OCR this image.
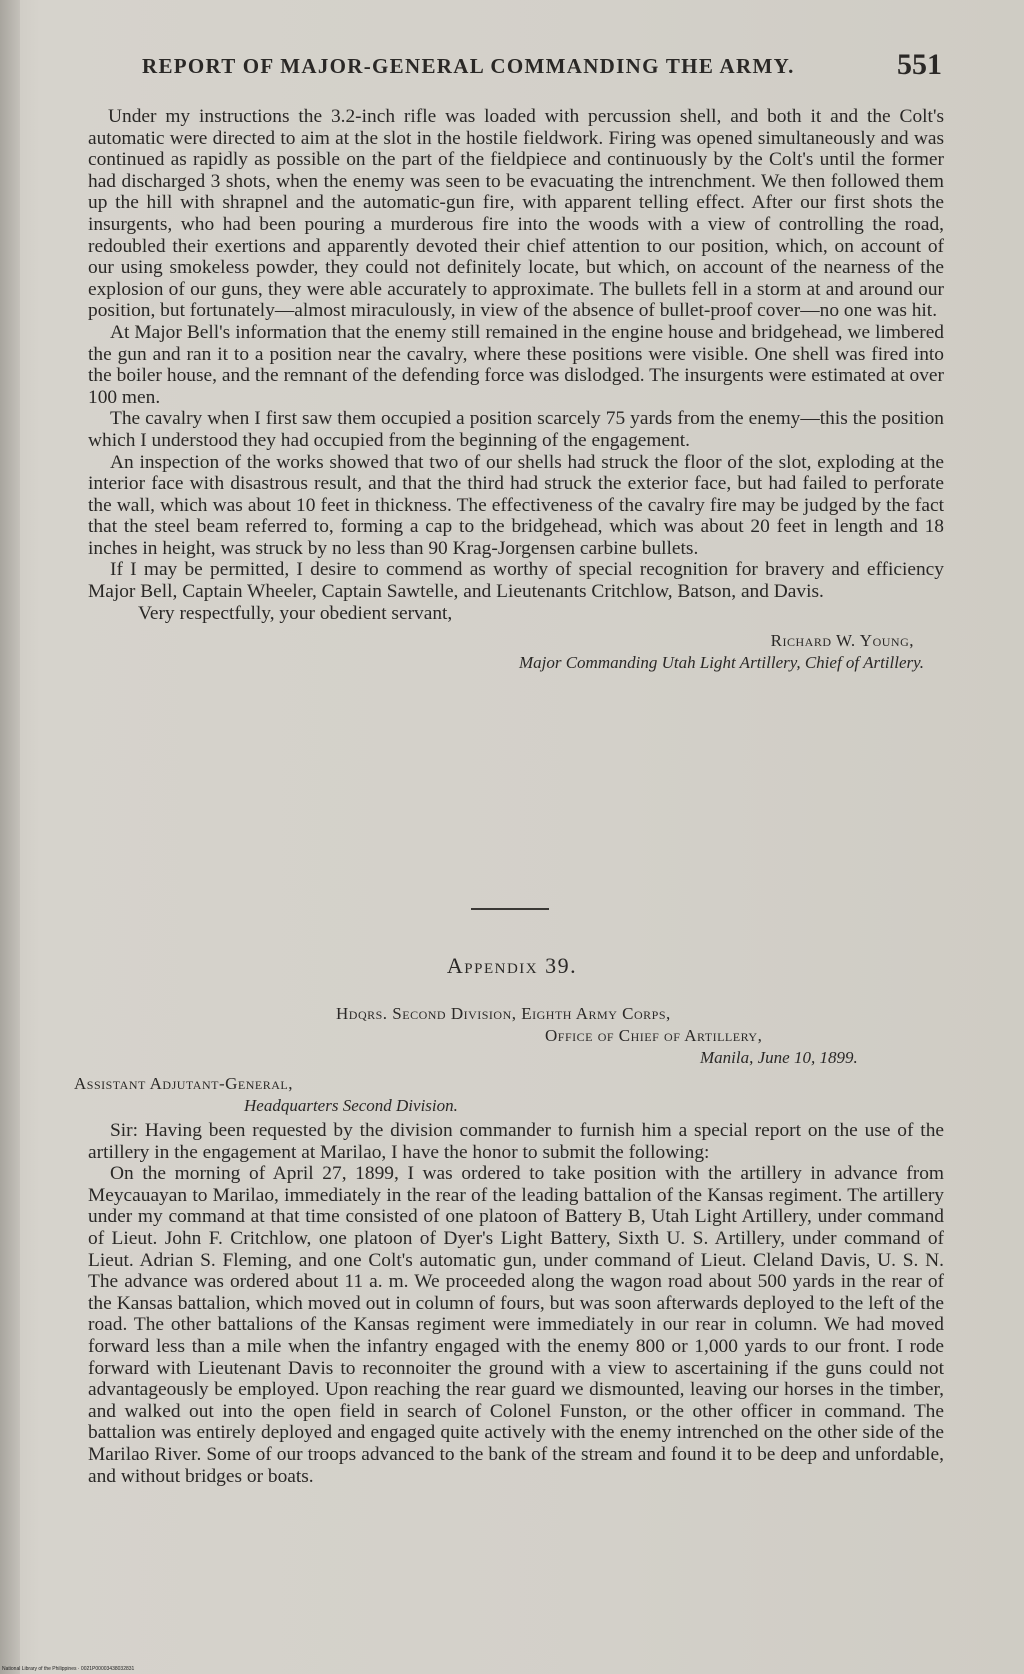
REPORT OF MAJOR-GENERAL COMMANDING THE ARMY.	551

Under my instructions the 3.2-inch rifle was loaded with percussion shell, and both it and the Colt's automatic were directed to aim at the slot in the hostile fieldwork. Firing was opened simultaneously and was continued as rapidly as possible on the part of the fieldpiece and continuously by the Colt's until the former had discharged 3 shots, when the enemy was seen to be evacuating the intrenchment. We then followed them up the hill with shrapnel and the automatic-gun fire, with apparent telling effect. After our first shots the insurgents, who had been pouring a murderous fire into the woods with a view of controlling the road, redoubled their exertions and apparently devoted their chief attention to our position, which, on account of our using smokeless powder, they could not definitely locate, but which, on account of the nearness of the explosion of our guns, they were able accurately to approximate. The bullets fell in a storm at and around our position, but fortunately—almost miraculously, in view of the absence of bullet-proof cover—no one was hit.

At Major Bell's information that the enemy still remained in the engine house and bridgehead, we limbered the gun and ran it to a position near the cavalry, where these positions were visible. One shell was fired into the boiler house, and the remnant of the defending force was dislodged. The insurgents were estimated at over 100 men.

The cavalry when I first saw them occupied a position scarcely 75 yards from the enemy—this the position which I understood they had occupied from the beginning of the engagement.

An inspection of the works showed that two of our shells had struck the floor of the slot, exploding at the interior face with disastrous result, and that the third had struck the exterior face, but had failed to perforate the wall, which was about 10 feet in thickness. The effectiveness of the cavalry fire may be judged by the fact that the steel beam referred to, forming a cap to the bridgehead, which was about 20 feet in length and 18 inches in height, was struck by no less than 90 Krag-Jorgensen carbine bullets.

If I may be permitted, I desire to commend as worthy of special recognition for bravery and efficiency Major Bell, Captain Wheeler, Captain Sawtelle, and Lieutenants Critchlow, Batson, and Davis.

Very respectfully, your obedient servant,

Richard W. Young,
Major Commanding Utah Light Artillery, Chief of Artillery.
Appendix 39.
Hdqrs. Second Division, Eighth Army Corps,
Office of Chief of Artillery,
Manila, June 10, 1899.
Assistant Adjutant-General,
Headquarters Second Division.

Sir: Having been requested by the division commander to furnish him a special report on the use of the artillery in the engagement at Marilao, I have the honor to submit the following:

On the morning of April 27, 1899, I was ordered to take position with the artillery in advance from Meycauayan to Marilao, immediately in the rear of the leading battalion of the Kansas regiment. The artillery under my command at that time consisted of one platoon of Battery B, Utah Light Artillery, under command of Lieut. John F. Critchlow, one platoon of Dyer's Light Battery, Sixth U. S. Artillery, under command of Lieut. Adrian S. Fleming, and one Colt's automatic gun, under command of Lieut. Cleland Davis, U. S. N. The advance was ordered about 11 a. m. We proceeded along the wagon road about 500 yards in the rear of the Kansas battalion, which moved out in column of fours, but was soon afterwards deployed to the left of the road. The other battalions of the Kansas regiment were immediately in our rear in column. We had moved forward less than a mile when the infantry engaged with the enemy 800 or 1,000 yards to our front. I rode forward with Lieutenant Davis to reconnoiter the ground with a view to ascertaining if the guns could not advantageously be employed. Upon reaching the rear guard we dismounted, leaving our horses in the timber, and walked out into the open field in search of Colonel Funston, or the other officer in command. The battalion was entirely deployed and engaged quite actively with the enemy intrenched on the other side of the Marilao River. Some of our troops advanced to the bank of the stream and found it to be deep and unfordable, and without bridges or boats.

National Library of the Philippines · 0021P00003438032831
